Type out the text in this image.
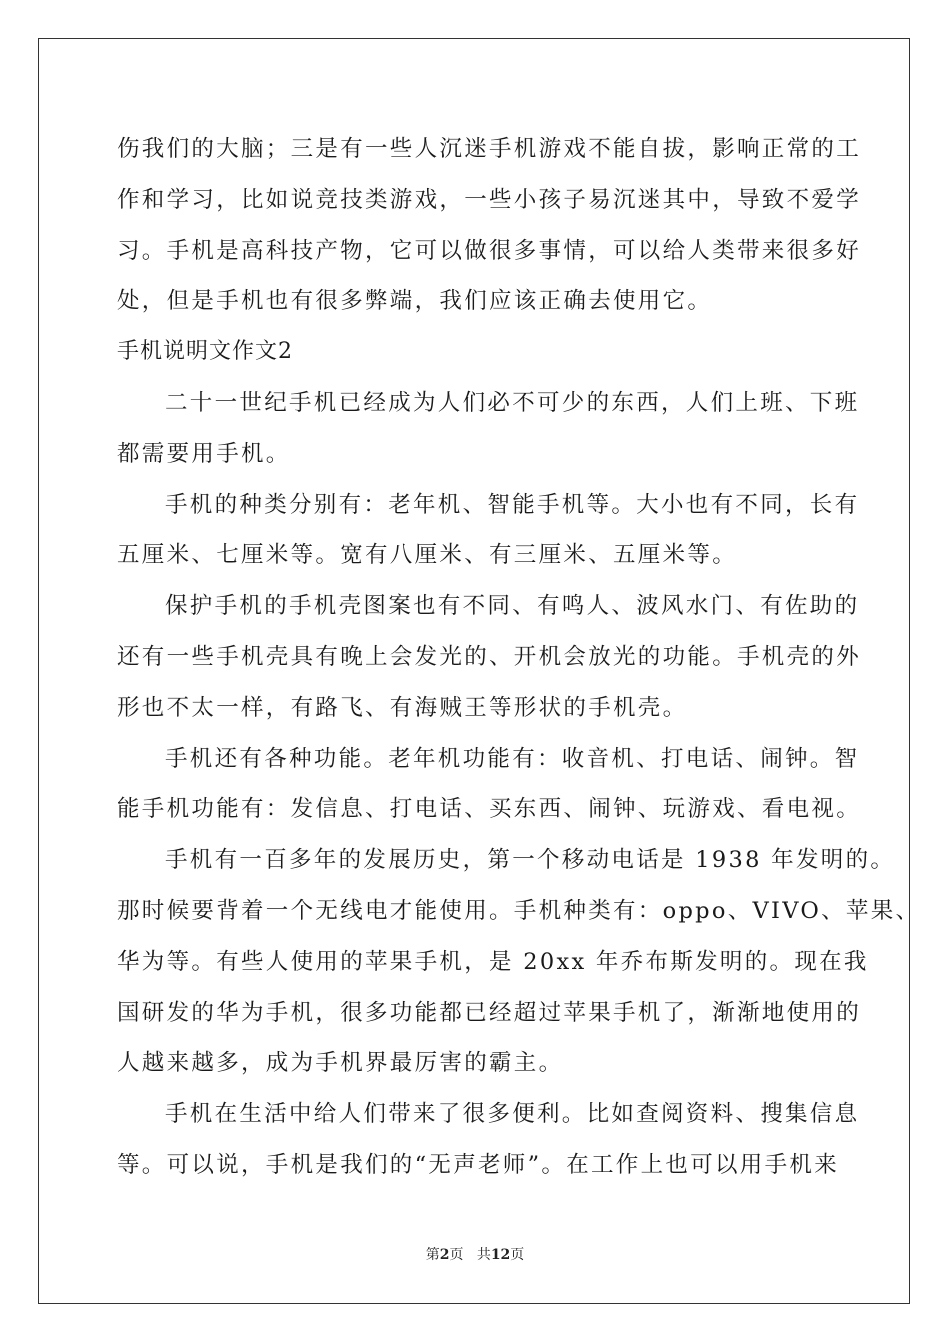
伤我们的大脑；三是有一些人沉迷手机游戏不能自拔，影响正常的工
作和学习，比如说竞技类游戏，一些小孩子易沉迷其中，导致不爱学
习。手机是高科技产物，它可以做很多事情，可以给人类带来很多好
处，但是手机也有很多弊端，我们应该正确去使用它。
手机说明文作文2
二十一世纪手机已经成为人们必不可少的东西，人们上班、下班
都需要用手机。
手机的种类分别有：老年机、智能手机等。大小也有不同，长有
五厘米、七厘米等。宽有八厘米、有三厘米、五厘米等。
保护手机的手机壳图案也有不同、有鸣人、波风水门、有佐助的
还有一些手机壳具有晚上会发光的、开机会放光的功能。手机壳的外
形也不太一样，有路飞、有海贼王等形状的手机壳。
手机还有各种功能。老年机功能有：收音机、打电话、闹钟。智
能手机功能有：发信息、打电话、买东西、闹钟、玩游戏、看电视。
手机有一百多年的发展历史，第一个移动电话是 1938 年发明的。
那时候要背着一个无线电才能使用。手机种类有：oppo、VIVO、苹果、
华为等。有些人使用的苹果手机，是 20xx 年乔布斯发明的。现在我
国研发的华为手机，很多功能都已经超过苹果手机了，渐渐地使用的
人越来越多，成为手机界最厉害的霸主。
手机在生活中给人们带来了很多便利。比如查阅资料、搜集信息
等。可以说，手机是我们的“无声老师”。在工作上也可以用手机来
第2页 共12页
